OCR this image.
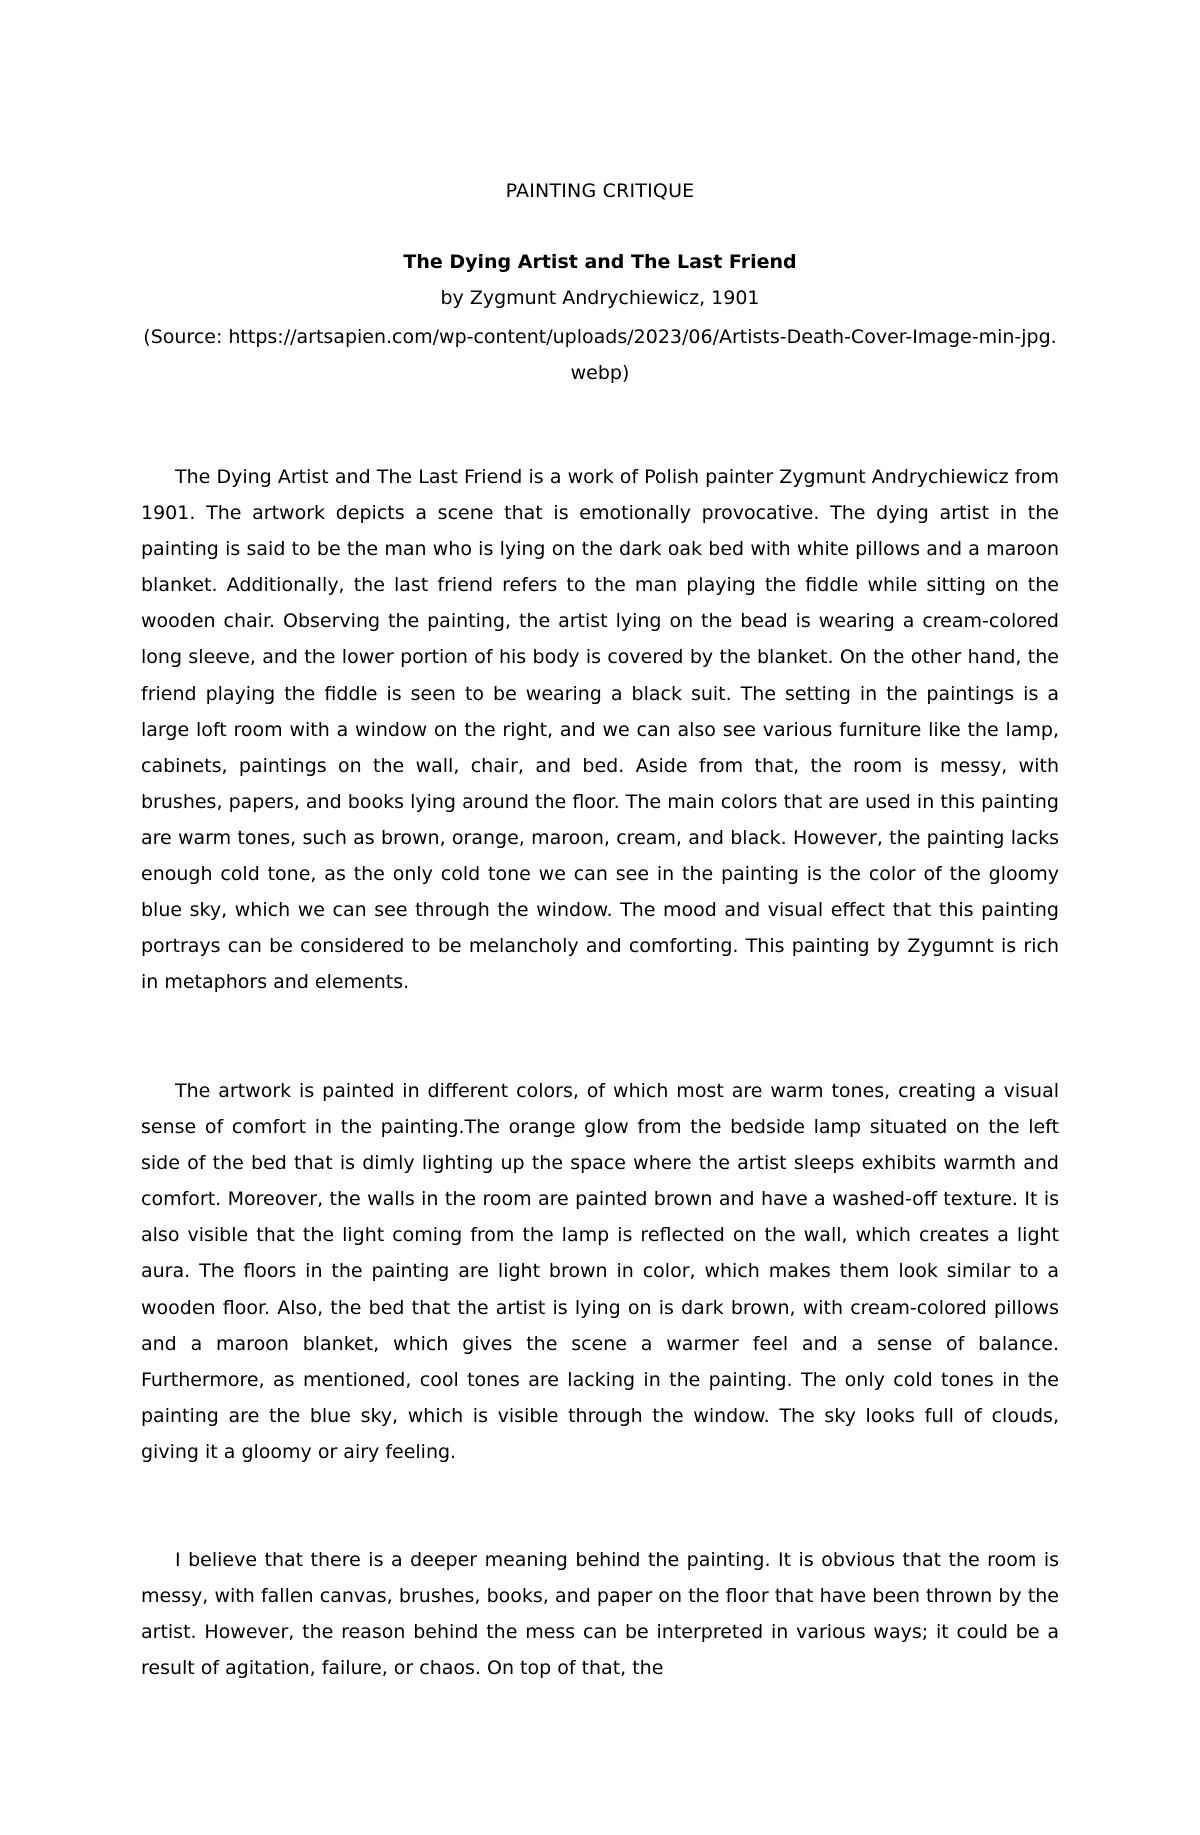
PAINTING CRITIQUE
The Dying Artist and The Last Friend
by Zygmunt Andrychiewicz, 1901
(Source: https://artsapien.com/wp-content/uploads/2023/06/Artists-Death-Cover-Image-min-jpg.webp)

The Dying Artist and The Last Friend is a work of Polish painter Zygmunt Andrychiewicz from 1901. The artwork depicts a scene that is emotionally provocative. The dying artist in the painting is said to be the man who is lying on the dark oak bed with white pillows and a maroon blanket. Additionally, the last friend refers to the man playing the fiddle while sitting on the wooden chair. Observing the painting, the artist lying on the bead is wearing a cream-colored long sleeve, and the lower portion of his body is covered by the blanket. On the other hand, the friend playing the fiddle is seen to be wearing a black suit. The setting in the paintings is a large loft room with a window on the right, and we can also see various furniture like the lamp, cabinets, paintings on the wall, chair, and bed. Aside from that, the room is messy, with brushes, papers, and books lying around the floor. The main colors that are used in this painting are warm tones, such as brown, orange, maroon, cream, and black. However, the painting lacks enough cold tone, as the only cold tone we can see in the painting is the color of the gloomy blue sky, which we can see through the window. The mood and visual effect that this painting portrays can be considered to be melancholy and comforting. This painting by Zygumnt is rich in metaphors and elements.

The artwork is painted in different colors, of which most are warm tones, creating a visual sense of comfort in the painting.The orange glow from the bedside lamp situated on the left side of the bed that is dimly lighting up the space where the artist sleeps exhibits warmth and comfort. Moreover, the walls in the room are painted brown and have a washed-off texture. It is also visible that the light coming from the lamp is reflected on the wall, which creates a light aura. The floors in the painting are light brown in color, which makes them look similar to a wooden floor. Also, the bed that the artist is lying on is dark brown, with cream-colored pillows and a maroon blanket, which gives the scene a warmer feel and a sense of balance. Furthermore, as mentioned, cool tones are lacking in the painting. The only cold tones in the painting are the blue sky, which is visible through the window. The sky looks full of clouds, giving it a gloomy or airy feeling.

I believe that there is a deeper meaning behind the painting. It is obvious that the room is messy, with fallen canvas, brushes, books, and paper on the floor that have been thrown by the artist. However, the reason behind the mess can be interpreted in various ways; it could be a result of agitation, failure, or chaos. On top of that, the
